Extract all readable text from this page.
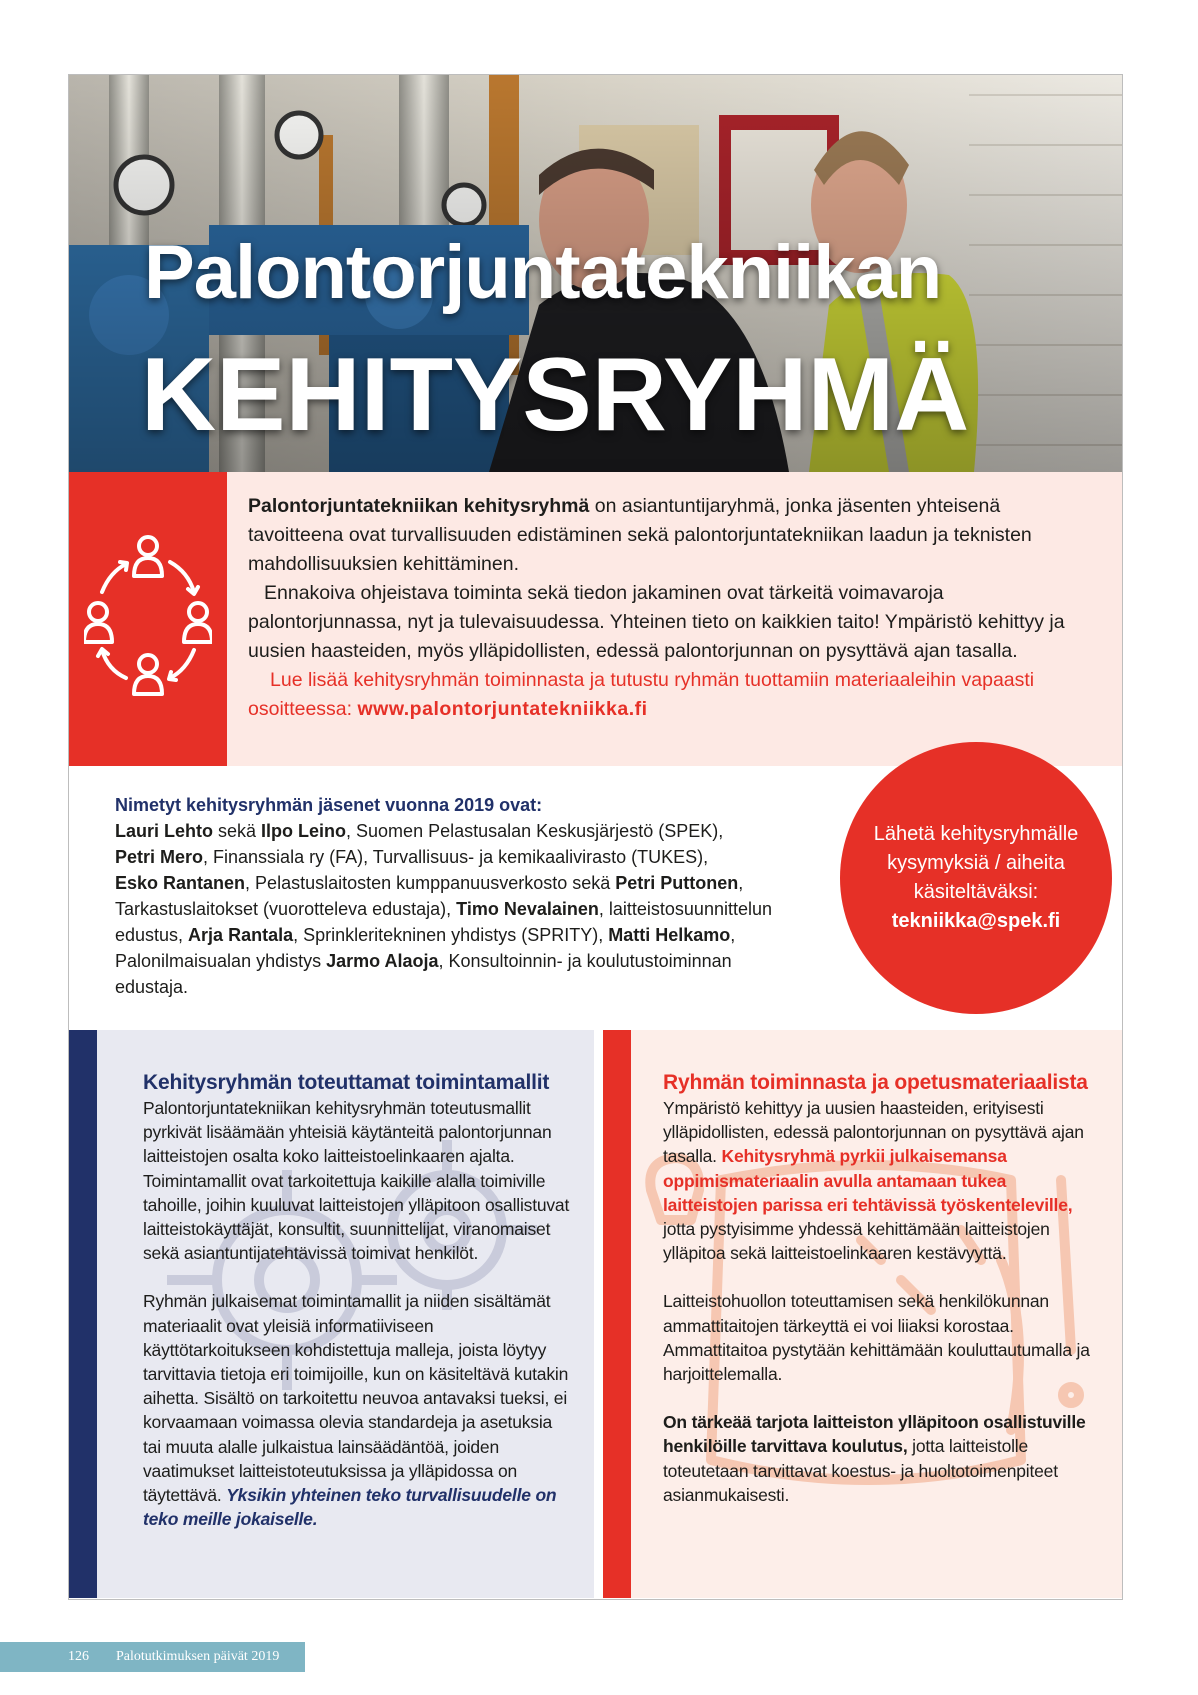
Palontorjuntatekniikan
KEHITYSRYHMÄ

Palontorjuntatekniikan kehitysryhmä on asiantuntijaryhmä, jonka jäsenten yhteisenä tavoitteena ovat turvallisuuden edistäminen sekä palontorjuntatekniikan laadun ja teknisten mahdollisuuksien kehittäminen.

Ennakoiva ohjeistava toiminta sekä tiedon jakaminen ovat tärkeitä voimavaroja palontorjunnassa, nyt ja tulevaisuudessa. Yhteinen tieto on kaikkien taito! Ympäristö kehittyy ja uusien haasteiden, myös ylläpidollisten, edessä palontorjunnan on pysyttävä ajan tasalla.

Lue lisää kehitysryhmän toiminnasta ja tutustu ryhmän tuottamiin materiaaleihin vapaasti osoitteessa: www.palontorjuntatekniikka.fi

Nimetyt kehitysryhmän jäsenet vuonna 2019 ovat:

Lauri Lehto sekä Ilpo Leino, Suomen Pelastusalan Keskusjärjestö (SPEK),
Petri Mero, Finanssiala ry (FA), Turvallisuus- ja kemikaalivirasto (TUKES),
Esko Rantanen, Pelastuslaitosten kumppanuusverkosto sekä Petri Puttonen,
Tarkastuslaitokset (vuorotteleva edustaja), Timo Nevalainen, laitteistosuunnittelun
edustus, Arja Rantala, Sprinkleritekninen yhdistys (SPRITY), Matti Helkamo,
Palonilmaisualan yhdistys Jarmo Alaoja, Konsultoinnin- ja koulutustoiminnan
edustaja.

Lähetä kehitysryhmälle
kysymyksiä / aiheita
käsiteltäväksi:
tekniikka@spek.fi
Kehitysryhmän toteuttamat toimintamallit

Palontorjuntatekniikan kehitysryhmän toteutusmallit pyrkivät lisäämään yhteisiä käytänteitä palontorjunnan laitteistojen osalta koko laitteistoelinkaaren ajalta. Toimintamallit ovat tarkoitettuja kaikille alalla toimiville tahoille, joihin kuuluvat laitteistojen ylläpitoon osallistuvat laitteistokäyttäjät, konsultit, suunnittelijat, viranomaiset sekä asiantuntijatehtävissä toimivat henkilöt.

Ryhmän julkaisemat toimintamallit ja niiden sisältämät materiaalit ovat yleisiä informatiiviseen käyttötarkoitukseen kohdistettuja malleja, joista löytyy tarvittavia tietoja eri toimijoille, kun on käsiteltävä kutakin aihetta. Sisältö on tarkoitettu neuvoa antavaksi tueksi, ei korvaamaan voimassa olevia standardeja ja asetuksia tai muuta alalle julkaistua lainsäädäntöä, joiden vaatimukset laitteistoteutuksissa ja ylläpidossa on täytettävä. Yksikin yhteinen teko turvallisuudelle on teko meille jokaiselle.

Ryhmän toiminnasta ja opetusmateriaalista

Ympäristö kehittyy ja uusien haasteiden, erityisesti ylläpidollisten, edessä palontorjunnan on pysyttävä ajan tasalla. Kehitysryhmä pyrkii julkaisemansa oppimismateriaalin avulla antamaan tukea laitteistojen parissa eri tehtävissä työskenteleville, jotta pystyisimme yhdessä kehittämään laitteistojen ylläpitoa sekä laitteistoelinkaaren kestävyyttä.

Laitteistohuollon toteuttamisen sekä henkilökunnan ammattitaitojen tärkeyttä ei voi liiaksi korostaa. Ammattitaitoa pystytään kehittämään kouluttautumalla ja harjoittelemalla.

On tärkeää tarjota laitteiston ylläpitoon osallistuville henkilöille tarvittava koulutus, jotta laitteistolle toteutetaan tarvittavat koestus- ja huoltotoimenpiteet asianmukaisesti.

126 Palotutkimuksen päivät 2019
